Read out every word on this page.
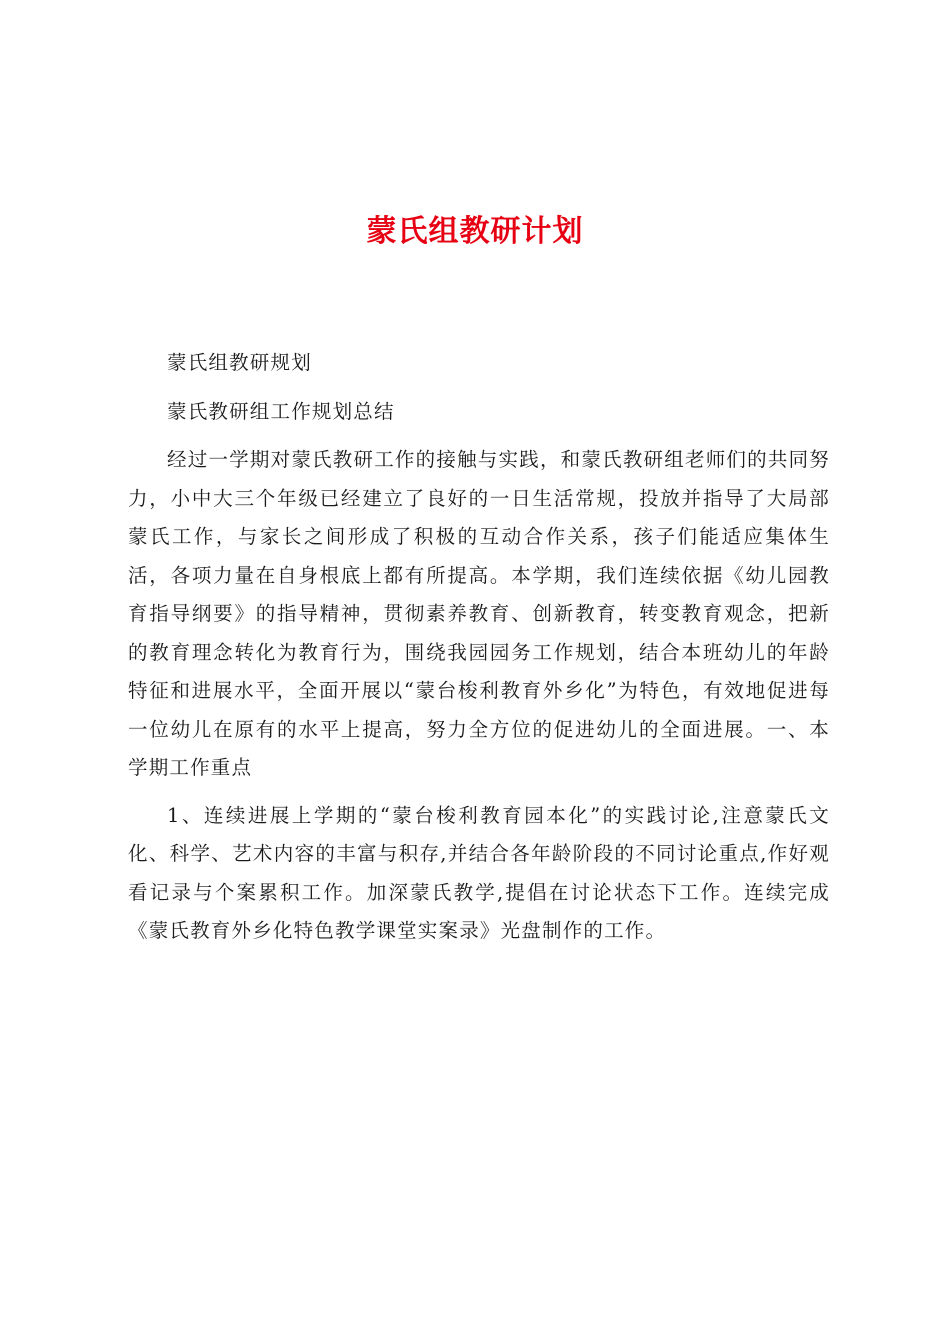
蒙氏组教研计划

蒙氏组教研规划

蒙氏教研组工作规划总结

经过一学期对蒙氏教研工作的接触与实践，和蒙氏教研组老师们的共同努力，小中大三个年级已经建立了良好的一日生活常规，投放并指导了大局部蒙氏工作，与家长之间形成了积极的互动合作关系，孩子们能适应集体生活，各项力量在自身根底上都有所提高。本学期，我们连续依据《幼儿园教育指导纲要》的指导精神，贯彻素养教育、创新教育，转变教育观念，把新的教育理念转化为教育行为，围绕我园园务工作规划，结合本班幼儿的年龄特征和进展水平，全面开展以“蒙台梭利教育外乡化”为特色，有效地促进每一位幼儿在原有的水平上提高，努力全方位的促进幼儿的全面进展。一、本学期工作重点

1、连续进展上学期的“蒙台梭利教育园本化”的实践讨论,注意蒙氏文化、科学、艺术内容的丰富与积存,并结合各年龄阶段的不同讨论重点,作好观看记录与个案累积工作。加深蒙氏教学,提倡在讨论状态下工作。连续完成《蒙氏教育外乡化特色教学课堂实案录》光盘制作的工作。
